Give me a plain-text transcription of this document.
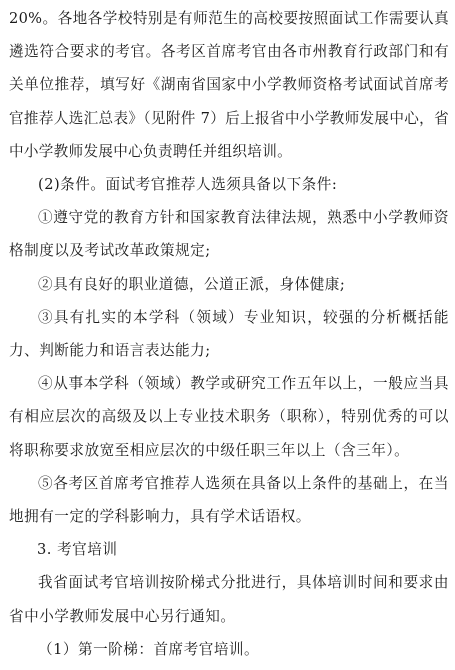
20%。各地各学校特别是有师范生的高校要按照面试工作需要认真遴选符合要求的考官。各考区首席考官由各市州教育行政部门和有关单位推荐，填写好《湖南省国家中小学教师资格考试面试首席考官推荐人选汇总表》（见附件 7）后上报省中小学教师发展中心，省中小学教师发展中心负责聘任并组织培训。

(2)条件。面试考官推荐人选须具备以下条件:

①遵守党的教育方针和国家教育法律法规，熟悉中小学教师资格制度以及考试改革政策规定;

②具有良好的职业道德，公道正派，身体健康;

③具有扎实的本学科（领域）专业知识，较强的分析概括能力、判断能力和语言表达能力;

④从事本学科（领域）教学或研究工作五年以上，一般应当具有相应层次的高级及以上专业技术职务（职称），特别优秀的可以将职称要求放宽至相应层次的中级任职三年以上（含三年）。

⑤各考区首席考官推荐人选须在具备以上条件的基础上，在当地拥有一定的学科影响力，具有学术话语权。

3. 考官培训

我省面试考官培训按阶梯式分批进行，具体培训时间和要求由省中小学教师发展中心另行通知。

（1）第一阶梯：首席考官培训。
